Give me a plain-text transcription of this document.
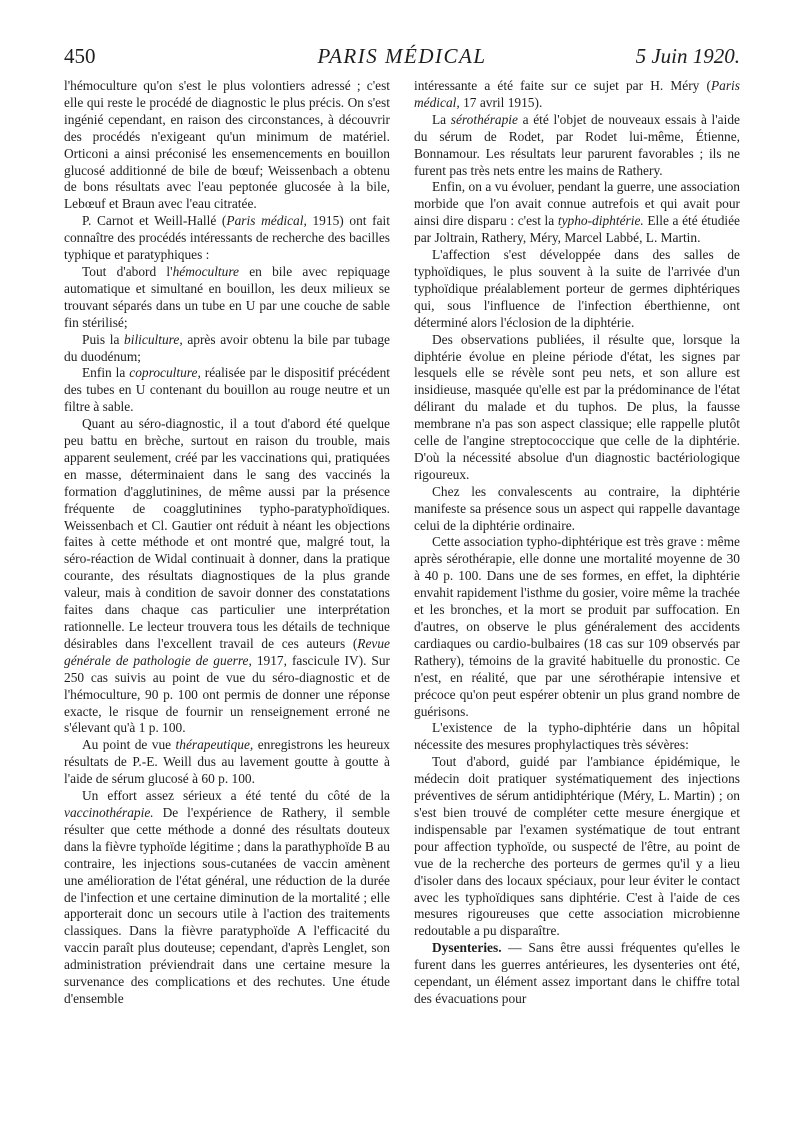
450	PARIS MÉDICAL	5 Juin 1920.

l'hémoculture qu'on s'est le plus volontiers adressé ; c'est elle qui reste le procédé de diagnostic le plus précis. On s'est ingénié cependant, en raison des circonstances, à découvrir des procédés n'exigeant qu'un minimum de matériel. Orticoni a ainsi préconisé les ensemencements en bouillon glucosé additionné de bile de bœuf; Weissenbach a obtenu de bons résultats avec l'eau peptonée glucosée à la bile, Lebœuf et Braun avec l'eau citratée.

P. Carnot et Weill-Hallé (Paris médical, 1915) ont fait connaître des procédés intéressants de recherche des bacilles typhique et paratyphiques :

Tout d'abord l'hémoculture en bile avec repiquage automatique et simultané en bouillon, les deux milieux se trouvant séparés dans un tube en U par une couche de sable fin stérilisé;

Puis la biliculture, après avoir obtenu la bile par tubage du duodénum;

Enfin la coproculture, réalisée par le dispositif précédent des tubes en U contenant du bouillon au rouge neutre et un filtre à sable.

Quant au séro-diagnostic, il a tout d'abord été quelque peu battu en brèche, surtout en raison du trouble, mais apparent seulement, créé par les vaccinations qui, pratiquées en masse, déterminaient dans le sang des vaccinés la formation d'agglutinines, de même aussi par la présence fréquente de coagglutinines typho-paratyphoïdiques. Weissenbach et Cl. Gautier ont réduit à néant les objections faites à cette méthode et ont montré que, malgré tout, la séro-réaction de Widal continuait à donner, dans la pratique courante, des résultats diagnostiques de la plus grande valeur, mais à condition de savoir donner des constatations faites dans chaque cas particulier une interprétation rationnelle. Le lecteur trouvera tous les détails de technique désirables dans l'excellent travail de ces auteurs (Revue générale de pathologie de guerre, 1917, fascicule IV). Sur 250 cas suivis au point de vue du séro-diagnostic et de l'hémoculture, 90 p. 100 ont permis de donner une réponse exacte, le risque de fournir un renseignement erroné ne s'élevant qu'à 1 p. 100.

Au point de vue thérapeutique, enregistrons les heureux résultats de P.-E. Weill dus au lavement goutte à goutte à l'aide de sérum glucosé à 60 p. 100.

Un effort assez sérieux a été tenté du côté de la vaccinothérapie. De l'expérience de Rathery, il semble résulter que cette méthode a donné des résultats douteux dans la fièvre typhoïde légitime ; dans la parathyphoïde B au contraire, les injections sous-cutanées de vaccin amènent une amélioration de l'état général, une réduction de la durée de l'infection et une certaine diminution de la mortalité ; elle apporterait donc un secours utile à l'action des traitements classiques. Dans la fièvre paratyphoïde A l'efficacité du vaccin paraît plus douteuse; cependant, d'après Lenglet, son administration préviendrait dans une certaine mesure la survenance des complications et des rechutes. Une étude d'ensemble

intéressante a été faite sur ce sujet par H. Méry (Paris médical, 17 avril 1915).

La sérothérapie a été l'objet de nouveaux essais à l'aide du sérum de Rodet, par Rodet lui-même, Étienne, Bonnamour. Les résultats leur parurent favorables ; ils ne furent pas très nets entre les mains de Rathery.

Enfin, on a vu évoluer, pendant la guerre, une association morbide que l'on avait connue autrefois et qui avait pour ainsi dire disparu : c'est la typho-diphtérie. Elle a été étudiée par Joltrain, Rathery, Méry, Marcel Labbé, L. Martin.

L'affection s'est développée dans des salles de typhoïdiques, le plus souvent à la suite de l'arrivée d'un typhoïdique préalablement porteur de germes diphtériques qui, sous l'influence de l'infection éberthienne, ont déterminé alors l'éclosion de la diphtérie.

Des observations publiées, il résulte que, lorsque la diphtérie évolue en pleine période d'état, les signes par lesquels elle se révèle sont peu nets, et son allure est insidieuse, masquée qu'elle est par la prédominance de l'état délirant du malade et du tuphos. De plus, la fausse membrane n'a pas son aspect classique; elle rappelle plutôt celle de l'angine streptococcique que celle de la diphtérie. D'où la nécessité absolue d'un diagnostic bactériologique rigoureux.

Chez les convalescents au contraire, la diphtérie manifeste sa présence sous un aspect qui rappelle davantage celui de la diphtérie ordinaire.

Cette association typho-diphtérique est très grave : même après sérothérapie, elle donne une mortalité moyenne de 30 à 40 p. 100. Dans une de ses formes, en effet, la diphtérie envahit rapidement l'isthme du gosier, voire même la trachée et les bronches, et la mort se produit par suffocation. En d'autres, on observe le plus généralement des accidents cardiaques ou cardio-bulbaires (18 cas sur 109 observés par Rathery), témoins de la gravité habituelle du pronostic. Ce n'est, en réalité, que par une sérothérapie intensive et précoce qu'on peut espérer obtenir un plus grand nombre de guérisons.

L'existence de la typho-diphtérie dans un hôpital nécessite des mesures prophylactiques très sévères:

Tout d'abord, guidé par l'ambiance épidémique, le médecin doit pratiquer systématiquement des injections préventives de sérum antidiphtérique (Méry, L. Martin) ; on s'est bien trouvé de compléter cette mesure énergique et indispensable par l'examen systématique de tout entrant pour affection typhoïde, ou suspecté de l'être, au point de vue de la recherche des porteurs de germes qu'il y a lieu d'isoler dans des locaux spéciaux, pour leur éviter le contact avec les typhoïdiques sans diphtérie. C'est à l'aide de ces mesures rigoureuses que cette association microbienne redoutable a pu disparaître.

Dysenteries. — Sans être aussi fréquentes qu'elles le furent dans les guerres antérieures, les dysenteries ont été, cependant, un élément assez important dans le chiffre total des évacuations pour
